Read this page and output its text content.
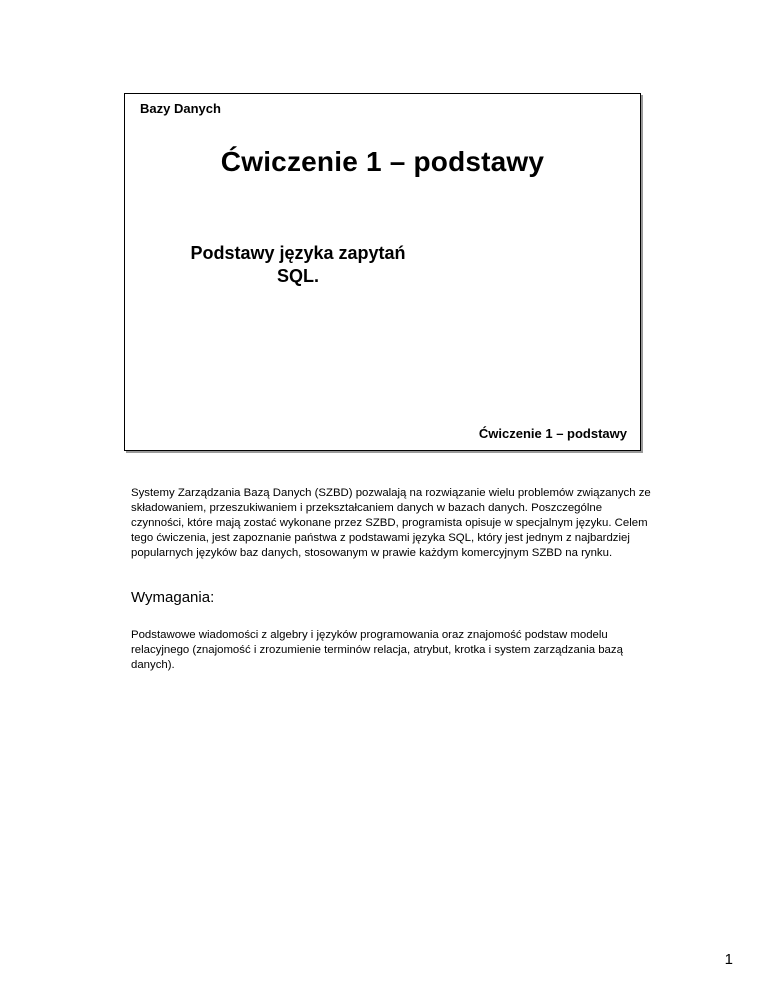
Bazy Danych
Ćwiczenie 1 – podstawy
Podstawy języka zapytań
SQL.
Ćwiczenie 1 – podstawy

Systemy Zarządzania Bazą Danych (SZBD) pozwalają na rozwiązanie wielu problemów związanych ze składowaniem, przeszukiwaniem i przekształcaniem danych w bazach danych. Poszczególne czynności, które mają zostać wykonane przez SZBD, programista opisuje w specjalnym języku. Celem tego ćwiczenia, jest zapoznanie państwa z podstawami języka SQL, który jest jednym z najbardziej popularnych języków baz danych, stosowanym w prawie każdym komercyjnym SZBD na rynku.

Wymagania:

Podstawowe wiadomości z algebry i języków programowania oraz znajomość podstaw modelu relacyjnego (znajomość i zrozumienie terminów relacja, atrybut, krotka i system zarządzania bazą danych).

1
